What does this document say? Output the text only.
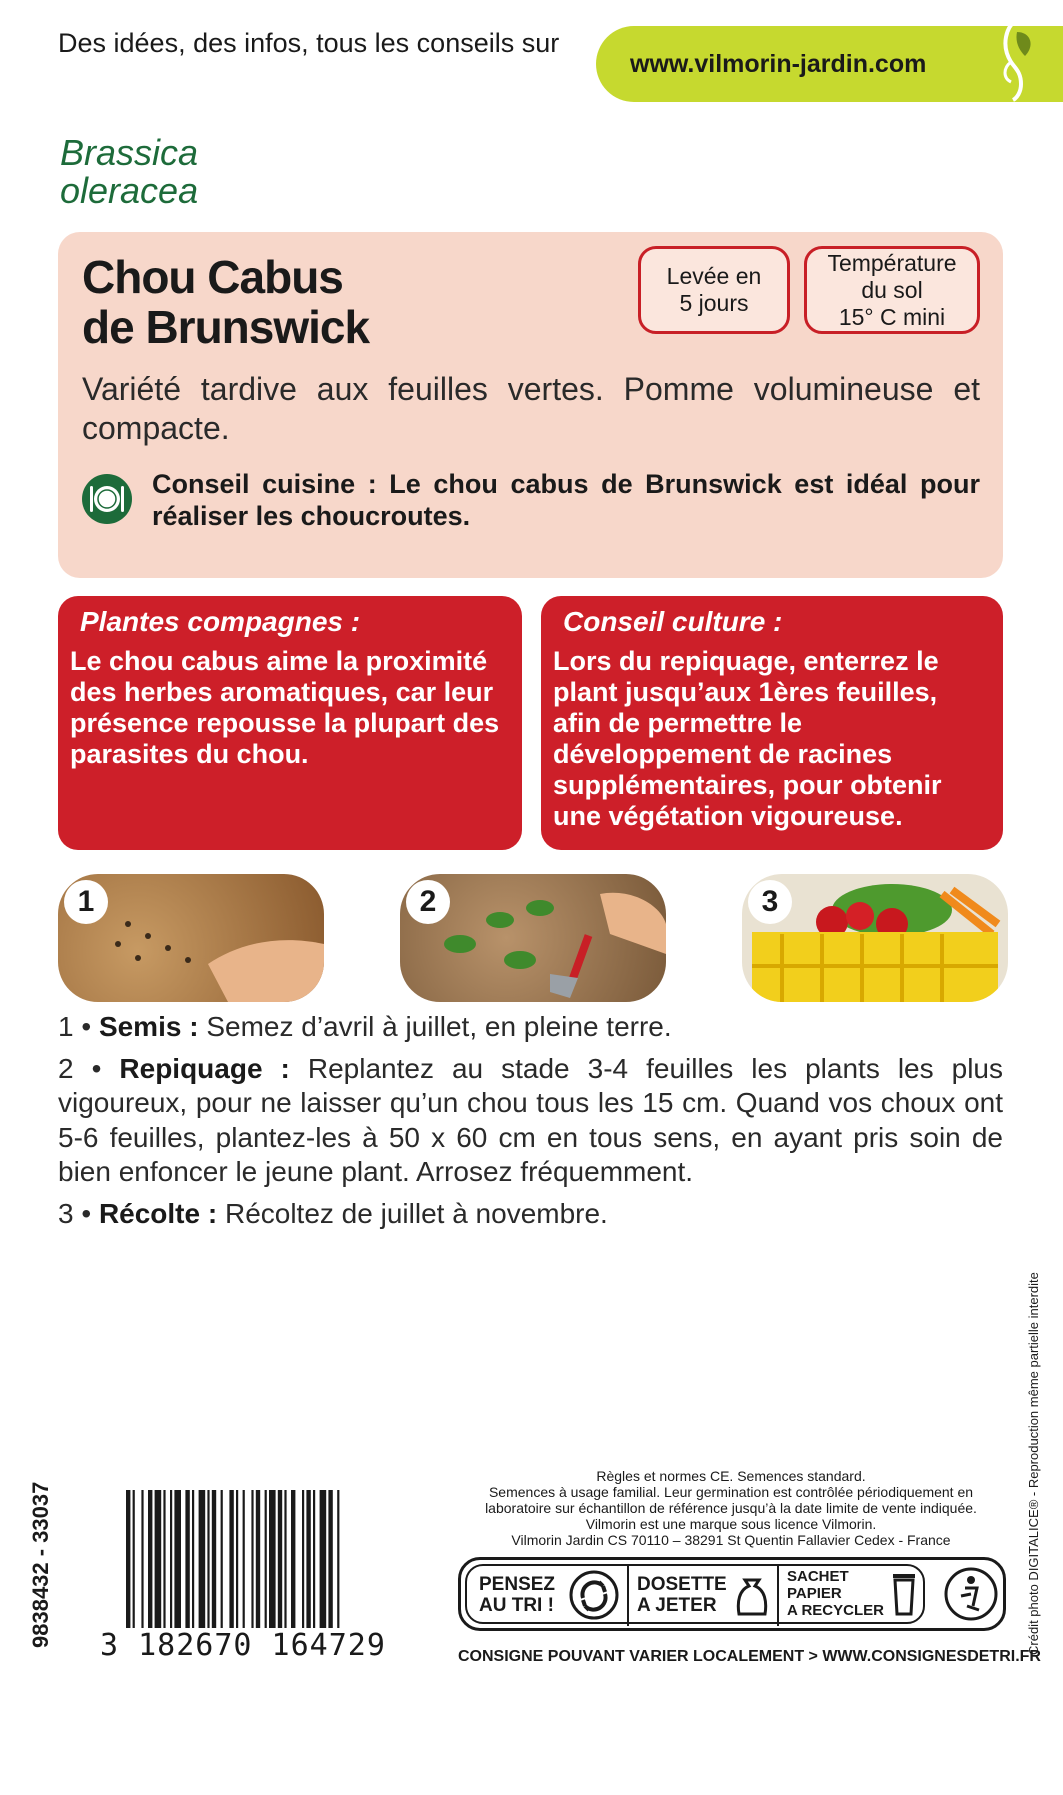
Des idées, des infos, tous les conseils sur
www.vilmorin-jardin.com
Brassica
oleracea
Chou Cabus
de Brunswick
Levée en
5 jours
Température
du sol
15° C mini
Variété tardive aux feuilles vertes. Pomme volumineuse et compacte.
Conseil cuisine : Le chou cabus de Brunswick est idéal pour réaliser les choucroutes.
Plantes compagnes :
Le chou cabus aime la proximité des herbes aromatiques, car leur présence repousse la plupart des parasites du chou.
Conseil culture :
Lors du repiquage, enterrez le plant jusqu’aux 1ères feuilles, afin de permettre le développement de racines supplémentaires, pour obtenir une végétation vigoureuse.
1	2	3

1 • Semis : Semez d’avril à juillet, en pleine terre.

2 • Repiquage : Replantez au stade 3-4 feuilles les plants les plus vigoureux, pour ne laisser qu’un chou tous les 15 cm. Quand vos choux ont 5-6 feuilles, plantez-les à 50 x 60 cm en tous sens, en ayant pris soin de bien enfoncer le jeune plant. Arrosez fréquemment.

3 • Récolte : Récoltez de juillet à novembre.

9838432 - 33037 3 182670 164729
Règles et normes CE. Semences standard.
Semences à usage familial. Leur germination est contrôlée périodiquement en
laboratoire sur échantillon de référence jusqu’à la date limite de vente indiquée.
Vilmorin est une marque sous licence Vilmorin.
Vilmorin Jardin CS 70110 – 38291 St Quentin Fallavier Cedex - France
PENSEZ
AU TRI !
DOSETTE
A JETER
SACHET
PAPIER
A RECYCLER
CONSIGNE POUVANT VARIER LOCALEMENT > WWW.CONSIGNESDETRI.FR
Crédit photo DIGITALICE® - Reproduction même partielle interdite
